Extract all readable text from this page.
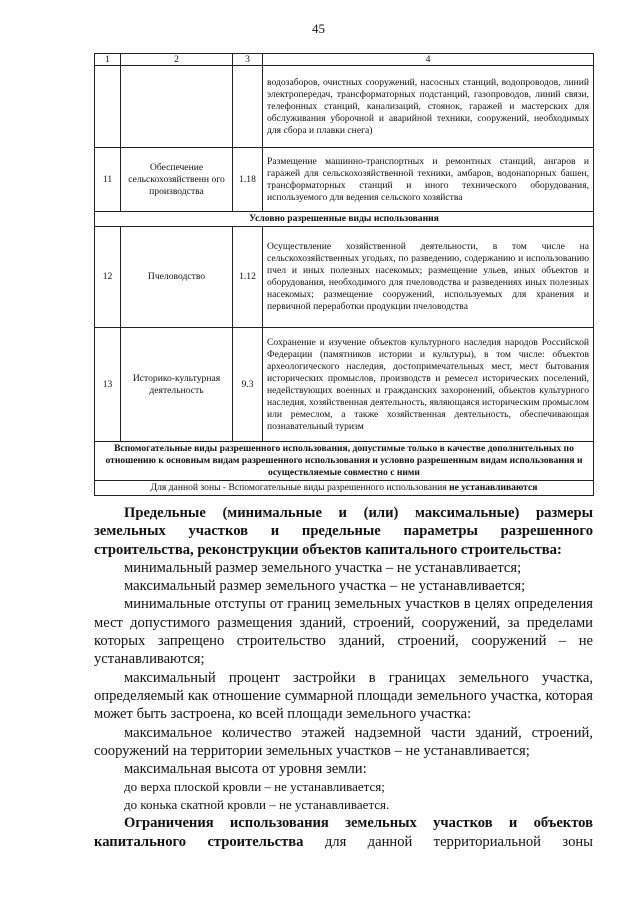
45
1	2	3	4
			водозаборов, очистных сооружений, насосных станций, водопроводов, линий электропередач, трансформаторных подстанций, газопроводов, линий связи, телефонных станций, канализаций, стоянок, гаражей и мастерских для обслуживания уборочной и аварийной техники, сооружений, необходимых для сбора и плавки снега)
11	Обеспечение сельскохозяйственн ого производства	1.18	Размещение машинно-транспортных и ремонтных станций, ангаров и гаражей для сельскохозяйственной техники, амбаров, водонапорных башен, трансформаторных станций и иного технического оборудования, используемого для ведения сельского хозяйства
Условно разрешенные виды использования			
12	Пчеловодство	1.12	Осуществление хозяйственной деятельности, в том числе на сельскохозяйственных угодьях, по разведению, содержанию и использованию пчел и иных полезных насекомых; размещение ульев, иных объектов и оборудования, необходимого для пчеловодства и разведениях иных полезных насекомых; размещение сооружений, используемых для хранения и первичной переработки продукции пчеловодства
13	Историко-культурная деятельность	9.3	Сохранение и изучение объектов культурного наследия народов Российской Федерации (памятников истории и культуры), в том числе: объектов археологического наследия, достопримечательных мест, мест бытования исторических промыслов, производств и ремесел исторических поселений, недействующих военных и гражданских захоронений, объектов культурного наследия, хозяйственная деятельность, являющаяся историческим промыслом или ремеслом, а также хозяйственная деятельность, обеспечивающая познавательный туризм
Вспомогательные виды разрешенного использования, допустимые только в качестве дополнительных по отношению к основным видам разрешенного использования и условно разрешенным видам использования и осуществляемые совместно с ними			
Для данной зоны - Вспомогательные виды разрешенного использования не устанавливаются			

Предельные (минимальные и (или) максимальные) размеры земельных участков и предельные параметры разрешенного строительства, реконструкции объектов капитального строительства:

минимальный размер земельного участка – не устанавливается;

максимальный размер земельного участка – не устанавливается;

минимальные отступы от границ земельных участков в целях определения мест допустимого размещения зданий, строений, сооружений, за пределами которых запрещено строительство зданий, строений, сооружений – не устанавливаются;

максимальный процент застройки в границах земельного участка, определяемый как отношение суммарной площади земельного участка, которая может быть застроена, ко всей площади земельного участка:

максимальное количество этажей надземной части зданий, строений, сооружений на территории земельных участков – не устанавливается;

максимальная высота от уровня земли:

до верха плоской кровли – не устанавливается;

до конька скатной кровли – не устанавливается.

Ограничения использования земельных участков и объектов капитального строительства для данной территориальной зоны
